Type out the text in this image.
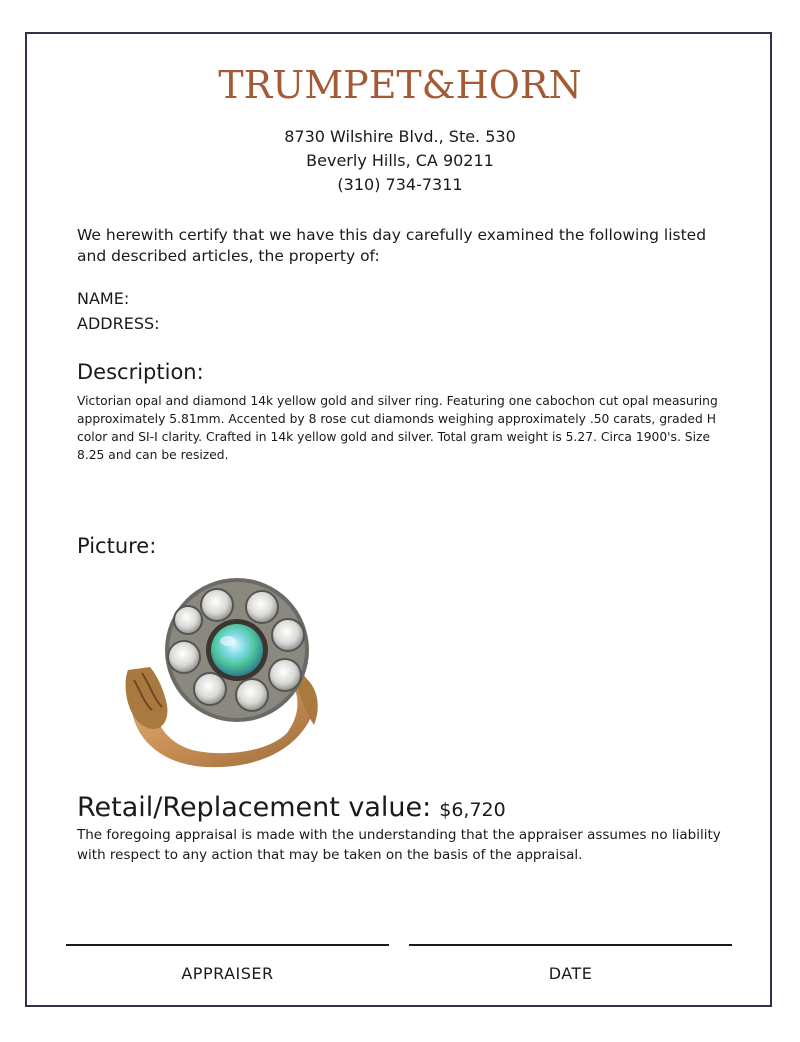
TRUMPET&HORN
8730 Wilshire Blvd., Ste. 530
Beverly Hills, CA 90211
(310) 734-7311
We herewith certify that we have this day carefully examined the following listed and described articles, the property of:
NAME:
ADDRESS:
Description:
Victorian opal and diamond 14k yellow gold and silver ring. Featuring one cabochon cut opal measuring approximately 5.81mm. Accented by 8 rose cut diamonds weighing approximately .50 carats, graded H color and SI-I clarity. Crafted in 14k yellow gold and silver. Total gram weight is 5.27. Circa 1900's. Size 8.25 and can be resized.
Picture:
Retail/Replacement value: $6,720
The foregoing appraisal is made with the understanding that the appraiser assumes no liability with respect to any action that may be taken on the basis of the appraisal.
APPRAISER	DATE
